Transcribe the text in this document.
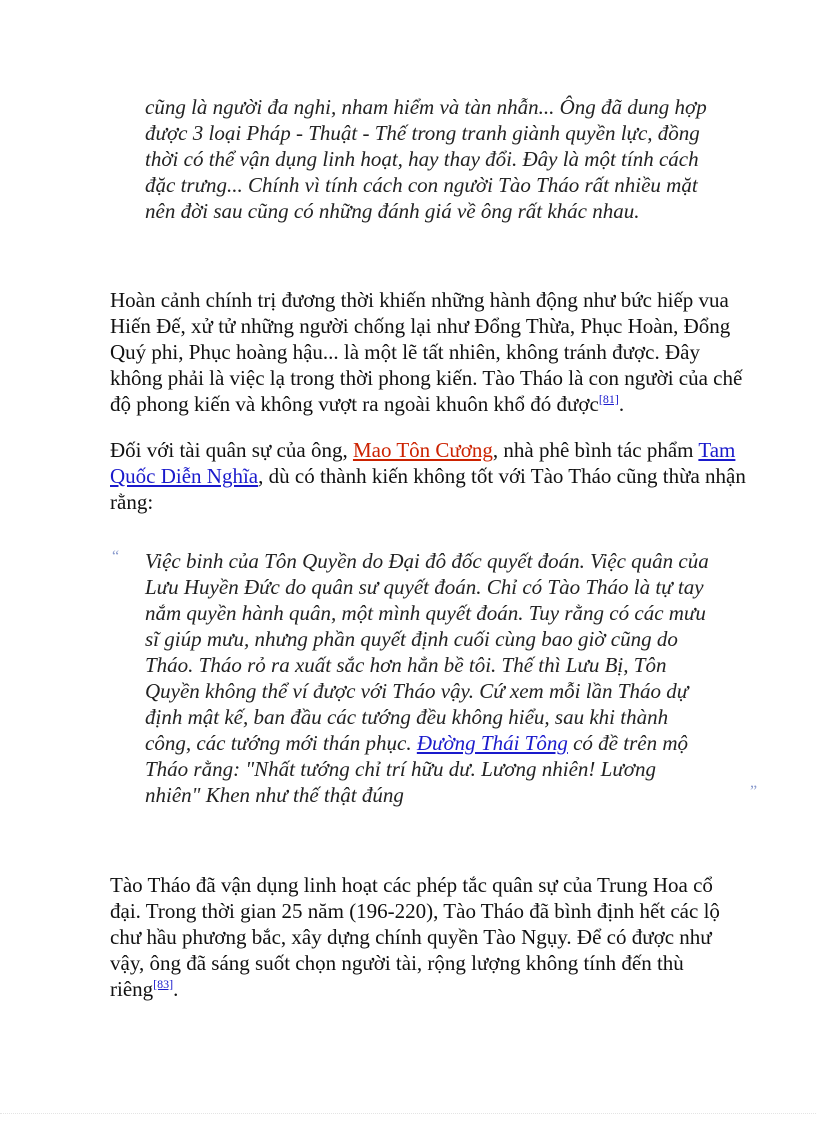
cũng là người đa nghi, nham hiểm và tàn nhẫn... Ông đã dung hợp
được 3 loại Pháp - Thuật - Thế trong tranh giành quyền lực, đồng
thời có thể vận dụng linh hoạt, hay thay đổi. Đây là một tính cách
đặc trưng... Chính vì tính cách con người Tào Tháo rất nhiều mặt
nên đời sau cũng có những đánh giá về ông rất khác nhau.
Hoàn cảnh chính trị đương thời khiến những hành động như bức hiếp vua
Hiến Đế, xử tử những người chống lại như Đổng Thừa, Phục Hoàn, Đổng
Quý phi, Phục hoàng hậu... là một lẽ tất nhiên, không tránh được. Đây
không phải là việc lạ trong thời phong kiến. Tào Tháo là con người của chế
độ phong kiến và không vượt ra ngoài khuôn khổ đó được[81].
Đối với tài quân sự của ông, Mao Tôn Cương, nhà phê bình tác phẩm Tam
Quốc Diễn Nghĩa, dù có thành kiến không tốt với Tào Tháo cũng thừa nhận
rằng:
“
”
Việc binh của Tôn Quyền do Đại đô đốc quyết đoán. Việc quân của
Lưu Huyền Đức do quân sư quyết đoán. Chỉ có Tào Tháo là tự tay
nắm quyền hành quân, một mình quyết đoán. Tuy rằng có các mưu
sĩ giúp mưu, nhưng phần quyết định cuối cùng bao giờ cũng do
Tháo. Tháo rỏ ra xuất sắc hơn hẳn bề tôi. Thế thì Lưu Bị, Tôn
Quyền không thể ví được với Tháo vậy. Cứ xem mỗi lần Tháo dự
định mật kế, ban đầu các tướng đều không hiểu, sau khi thành
công, các tướng mới thán phục. Đường Thái Tông có đề trên mộ
Tháo rằng: "Nhất tướng chỉ trí hữu dư. Lương nhiên! Lương
nhiên" Khen như thế thật đúng
Tào Tháo đã vận dụng linh hoạt các phép tắc quân sự của Trung Hoa cổ
đại. Trong thời gian 25 năm (196-220), Tào Tháo đã bình định hết các lộ
chư hầu phương bắc, xây dựng chính quyền Tào Ngụy. Để có được như
vậy, ông đã sáng suốt chọn người tài, rộng lượng không tính đến thù
riêng[83].
